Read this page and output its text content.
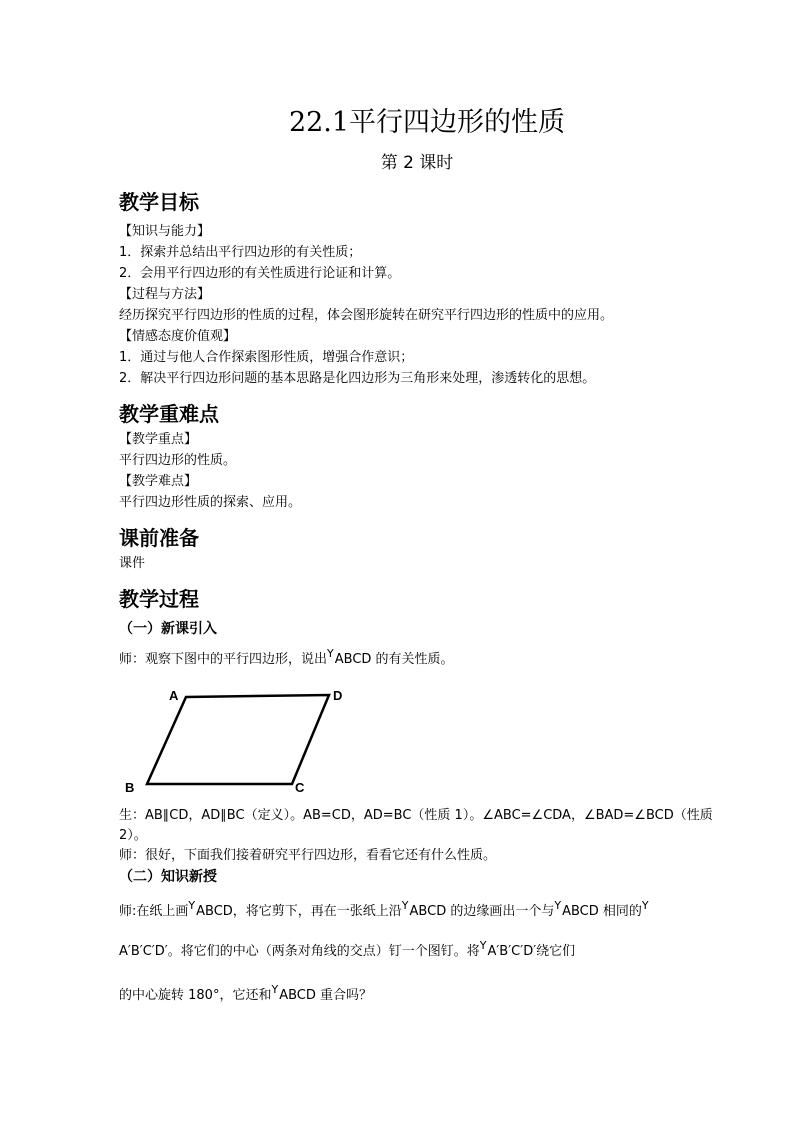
22.1平行四边形的性质
第 2 课时
教学目标
【知识与能力】
1．探索并总结出平行四边形的有关性质；
2．会用平行四边形的有关性质进行论证和计算。
【过程与方法】
经历探究平行四边形的性质的过程，体会图形旋转在研究平行四边形的性质中的应用。
【情感态度价值观】
1．通过与他人合作探索图形性质，增强合作意识；
2．解决平行四边形问题的基本思路是化四边形为三角形来处理，渗透转化的思想。
教学重难点
【教学重点】
平行四边形的性质。
【教学难点】
平行四边形性质的探索、应用。
课前准备
课件
教学过程
（一）新课引入
师：观察下图中的平行四边形，说出$^Y$ABCD 的有关性质。
A	D
B	C
生：AB∥CD，AD∥BC（定义）。AB=CD，AD=BC（性质 1）。∠ABC=∠CDA，∠BAD=∠BCD（性质
2）。
师：很好，下面我们接着研究平行四边形，看看它还有什么性质。
（二）知识新授
师:在纸上画$^Y$ABCD，将它剪下，再在一张纸上沿$^Y$ABCD 的边缘画出一个与$^Y$ABCD 相同的$^Y$
A′B′C′D′。将它们的中心（两条对角线的交点）钉一个图钉。将$^Y$A′B′C′D′绕它们
的中心旋转 180°，它还和$^Y$ABCD 重合吗？
